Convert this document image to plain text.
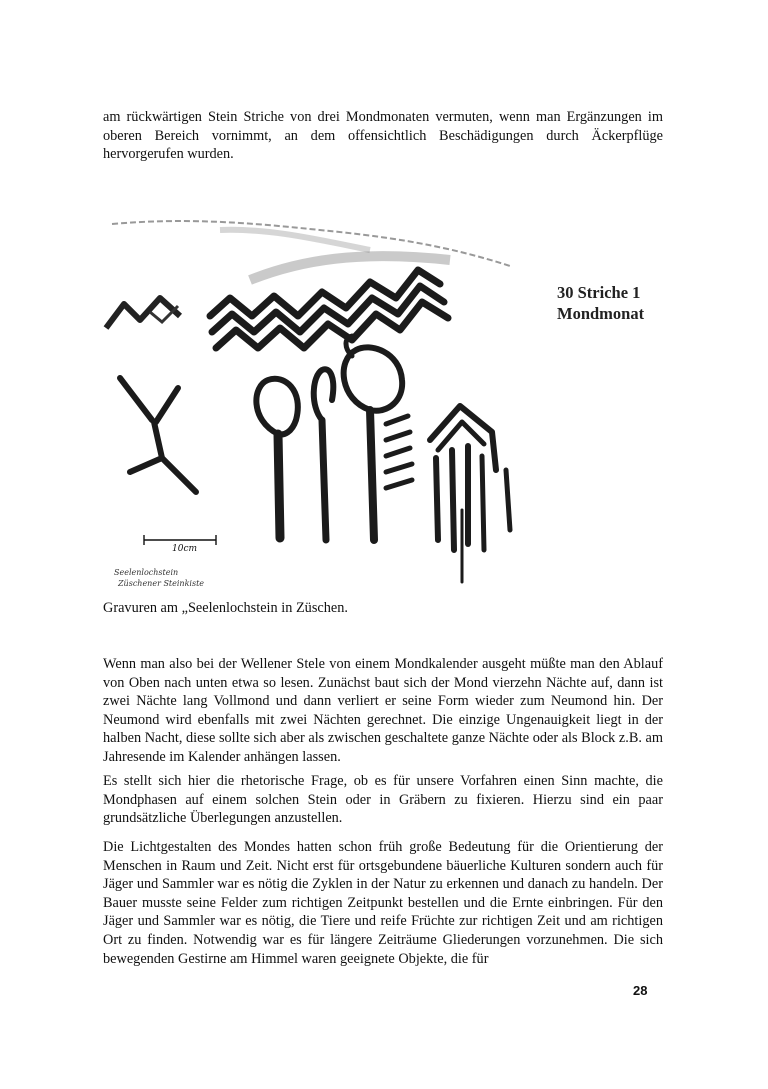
am rückwärtigen Stein Striche von drei Mondmonaten vermuten, wenn man Ergänzungen im oberen Bereich vornimmt, an dem offensichtlich Beschädigungen durch Äckerpflüge hervorgerufen wurden.

10cm
Seelenlochstein
Züschener Steinkiste
30 Striche 1
Mondmonat
Gravuren am „Seelenlochstein in Züschen.

Wenn man also bei der Wellener Stele von einem Mondkalender ausgeht müßte man den Ablauf von Oben nach unten etwa so lesen. Zunächst baut sich der Mond vierzehn Nächte auf, dann ist zwei Nächte lang Vollmond und dann verliert er seine Form wieder zum Neumond hin. Der Neumond wird ebenfalls mit zwei Nächten gerechnet. Die einzige Ungenauigkeit liegt in der halben Nacht, diese sollte sich aber als zwischen geschaltete ganze Nächte oder als Block z.B. am Jahresende im Kalender anhängen lassen.

Es stellt sich hier die rhetorische Frage, ob es für unsere Vorfahren einen Sinn machte, die Mondphasen auf einem solchen Stein oder in Gräbern zu fixieren. Hierzu sind ein paar grundsätzliche Überlegungen anzustellen.

Die Lichtgestalten des Mondes hatten schon früh große Bedeutung für die Orientierung der Menschen in Raum und Zeit. Nicht erst für ortsgebundene bäuerliche Kulturen sondern auch für Jäger und Sammler war es nötig die Zyklen in der Natur zu erkennen und danach zu handeln. Der Bauer musste seine Felder zum richtigen Zeitpunkt bestellen und die Ernte einbringen. Für den Jäger und Sammler war es nötig, die Tiere und reife Früchte zur richtigen Zeit und am richtigen Ort zu finden. Notwendig war es für längere Zeiträume Gliederungen vorzunehmen. Die sich bewegenden Gestirne am Himmel waren geeignete Objekte, die für

28
